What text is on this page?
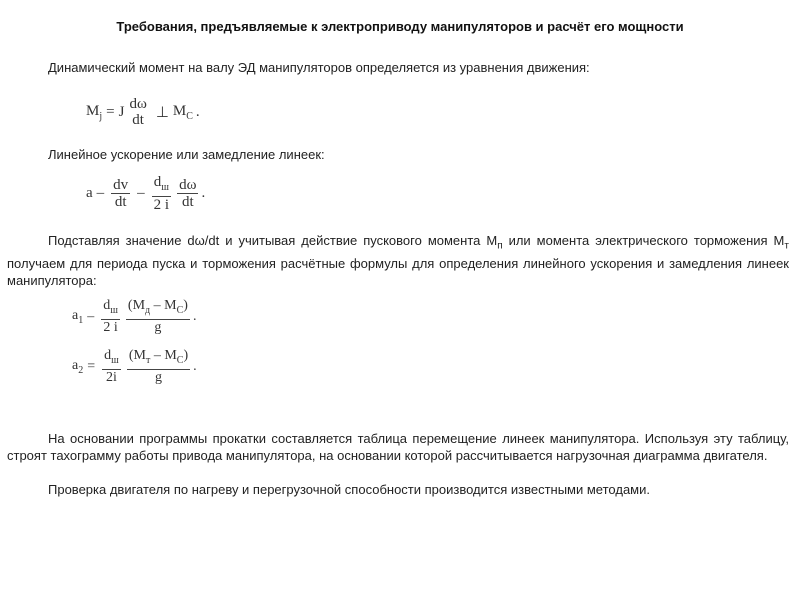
Требования, предъявляемые к электроприводу манипуляторов и расчёт его мощности
Динамический момент на валу ЭД манипуляторов определяется из уравнения движения:
$M_j = J$ dω
dt ⊥ $M_C$ .
Линейное ускорение или замедление линеек:
a – $\frac{dv}{dt} - \frac{d_ш}{2 i} \frac{d\omega}{dt}$ .
Подставляя значение dω/dt и учитывая действие пускового момента $M_п$ или момента электрического торможения $M_т$ получаем для периода пуска и торможения расчётные формулы для определения линейного ускорения и замедления линеек манипулятора:
$a_1 - \frac{d_ш}{2 i} \frac{(M_д - M_C)}{g}$ .
$a_2 = \frac{d_ш}{2i} \frac{(M_т - M_C)}{g}$ .
На основании программы прокатки составляется таблица перемещение линеек манипулятора. Используя эту таблицу, строят тахограмму работы привода манипулятора, на основании которой рассчитывается нагрузочная диаграмма двигателя.
Проверка двигателя по нагреву и перегрузочной способности производится известными методами.
